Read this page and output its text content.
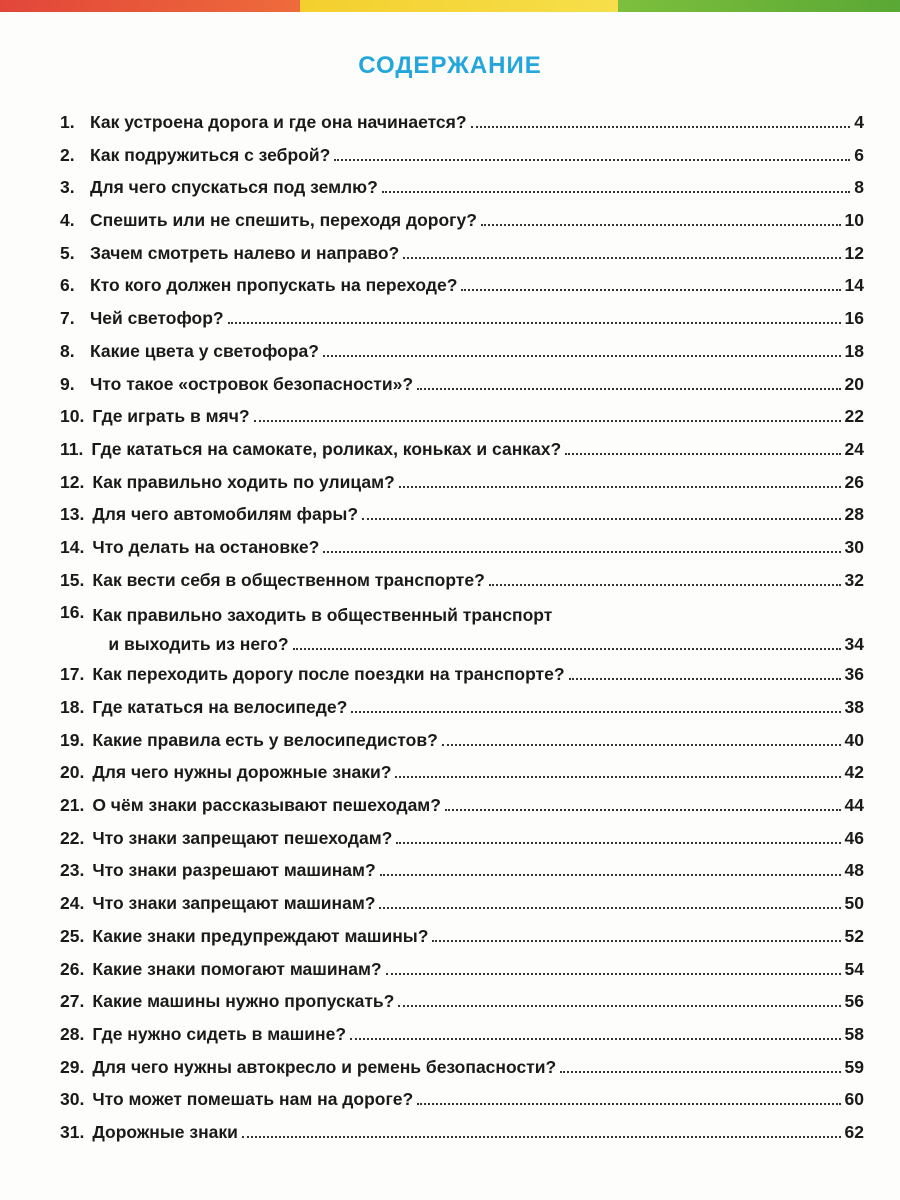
СОДЕРЖАНИЕ
1. Как устроена дорога и где она начинается?	4
2. Как подружиться с зеброй?	6
3. Для чего спускаться под землю?	8
4. Спешить или не спешить, переходя дорогу?	10
5. Зачем смотреть налево и направо?	12
6. Кто кого должен пропускать на переходе?	14
7. Чей светофор?	16
8. Какие цвета у светофора?	18
9. Что такое «островок безопасности»?	20
10. Где играть в мяч?	22
11. Где кататься на самокате, роликах, коньках и санках?	24
12. Как правильно ходить по улицам?	26
13. Для чего автомобилям фары?	28
14. Что делать на остановке?	30
15. Как вести себя в общественном транспорте?	32
16. Как правильно заходить в общественный транспорт
и выходить из него?	34
17. Как переходить дорогу после поездки на транспорте?	36
18. Где кататься на велосипеде?	38
19. Какие правила есть у велосипедистов?	40
20. Для чего нужны дорожные знаки?	42
21. О чём знаки рассказывают пешеходам?	44
22. Что знаки запрещают пешеходам?	46
23. Что знаки разрешают машинам?	48
24. Что знаки запрещают машинам?	50
25. Какие знаки предупреждают машины?	52
26. Какие знаки помогают машинам?	54
27. Какие машины нужно пропускать?	56
28. Где нужно сидеть в машине?	58
29. Для чего нужны автокресло и ремень безопасности?	59
30. Что может помешать нам на дороге?	60
31. Дорожные знаки	62
